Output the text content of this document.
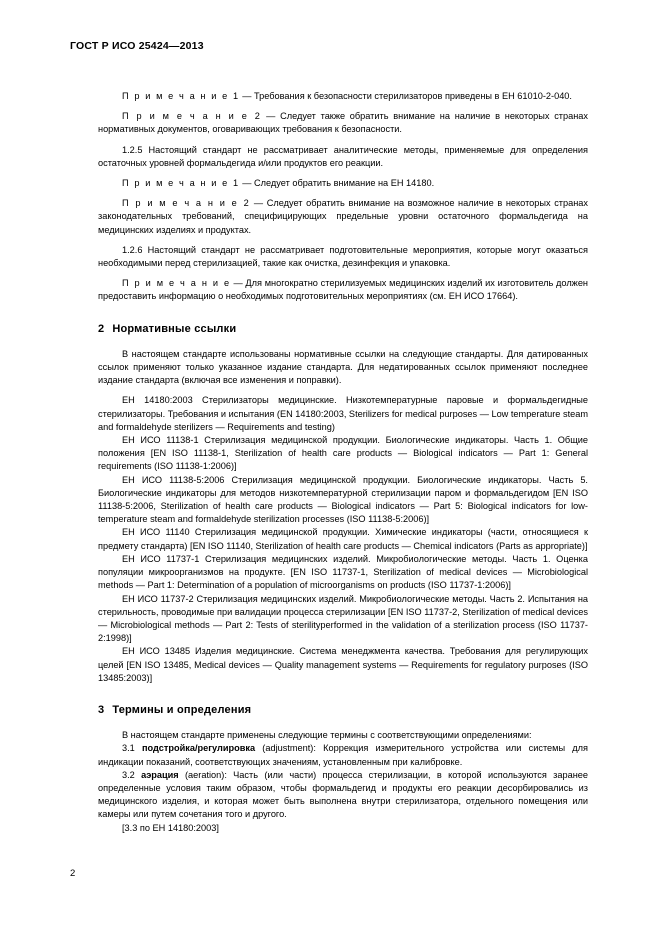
ГОСТ Р ИСО 25424—2013

П р и м е ч а н и е 1 — Требования к безопасности стерилизаторов приведены в ЕН 61010-2-040.

П р и м е ч а н и е 2 — Следует также обратить внимание на наличие в некоторых странах нормативных документов, оговаривающих требования к безопасности.

1.2.5 Настоящий стандарт не рассматривает аналитические методы, применяемые для определения остаточных уровней формальдегида и/или продуктов его реакции.

П р и м е ч а н и е 1 — Следует обратить внимание на ЕН 14180.

П р и м е ч а н и е 2 — Следует обратить внимание на возможное наличие в некоторых странах законодательных требований, специфицирующих предельные уровни остаточного формальдегида на медицинских изделиях и продуктах.

1.2.6 Настоящий стандарт не рассматривает подготовительные мероприятия, которые могут оказаться необходимыми перед стерилизацией, такие как очистка, дезинфекция и упаковка.

П р и м е ч а н и е — Для многократно стерилизуемых медицинских изделий их изготовитель должен предоставить информацию о необходимых подготовительных мероприятиях (см. ЕН ИСО 17664).

2 Нормативные ссылки

В настоящем стандарте использованы нормативные ссылки на следующие стандарты. Для датированных ссылок применяют только указанное издание стандарта. Для недатированных ссылок применяют последнее издание стандарта (включая все изменения и поправки).

ЕН 14180:2003 Стерилизаторы медицинские. Низкотемпературные паровые и формальдегидные стерилизаторы. Требования и испытания (EN 14180:2003, Sterilizers for medical purposes — Low temperature steam and formaldehyde sterilizers — Requirements and testing)

ЕН ИСО 11138-1 Стерилизация медицинской продукции. Биологические индикаторы. Часть 1. Общие положения [EN ISO 11138-1, Sterilization of health care products — Biological indicators — Part 1: General requirements (ISO 11138-1:2006)]

ЕН ИСО 11138-5:2006 Стерилизация медицинской продукции. Биологические индикаторы. Часть 5. Биологические индикаторы для методов низкотемпературной стерилизации паром и формальдегидом [EN ISO 11138-5:2006, Sterilization of health care products — Biological indicators — Part 5: Biological indicators for low-temperature steam and formaldehyde sterilization processes (ISO 11138-5:2006)]

ЕН ИСО 11140 Стерилизация медицинской продукции. Химические индикаторы (части, относящиеся к предмету стандарта) [EN ISO 11140, Sterilization of health care products — Chemical indicators (Parts as appropriate)]

ЕН ИСО 11737-1 Стерилизация медицинских изделий. Микробиологические методы. Часть 1. Оценка популяции микроорганизмов на продукте. [EN ISO 11737-1, Sterilization of medical devices — Microbiological methods — Part 1: Determination of a population of microorganisms on products (ISO 11737-1:2006)]

ЕН ИСО 11737-2 Стерилизация медицинских изделий. Микробиологические методы. Часть 2. Испытания на стерильность, проводимые при валидации процесса стерилизации [EN ISO 11737-2, Sterilization of medical devices — Microbiological methods — Part 2: Tests of sterilityperformed in the validation of a sterilization process (ISO 11737-2:1998)]

ЕН ИСО 13485 Изделия медицинские. Система менеджмента качества. Требования для регулирующих целей [EN ISO 13485, Medical devices — Quality management systems — Requirements for regulatory purposes (ISO 13485:2003)]

3 Термины и определения

В настоящем стандарте применены следующие термины с соответствующими определениями:

3.1 подстройка/регулировка (adjustment): Коррекция измерительного устройства или системы для индикации показаний, соответствующих значениям, установленным при калибровке.

3.2 аэрация (aeration): Часть (или части) процесса стерилизации, в которой используются заранее определенные условия таким образом, чтобы формальдегид и продукты его реакции десорбировались из медицинского изделия, и которая может быть выполнена внутри стерилизатора, отдельного помещения или камеры или путем сочетания того и другого.

[3.3 по ЕН 14180:2003]

2
